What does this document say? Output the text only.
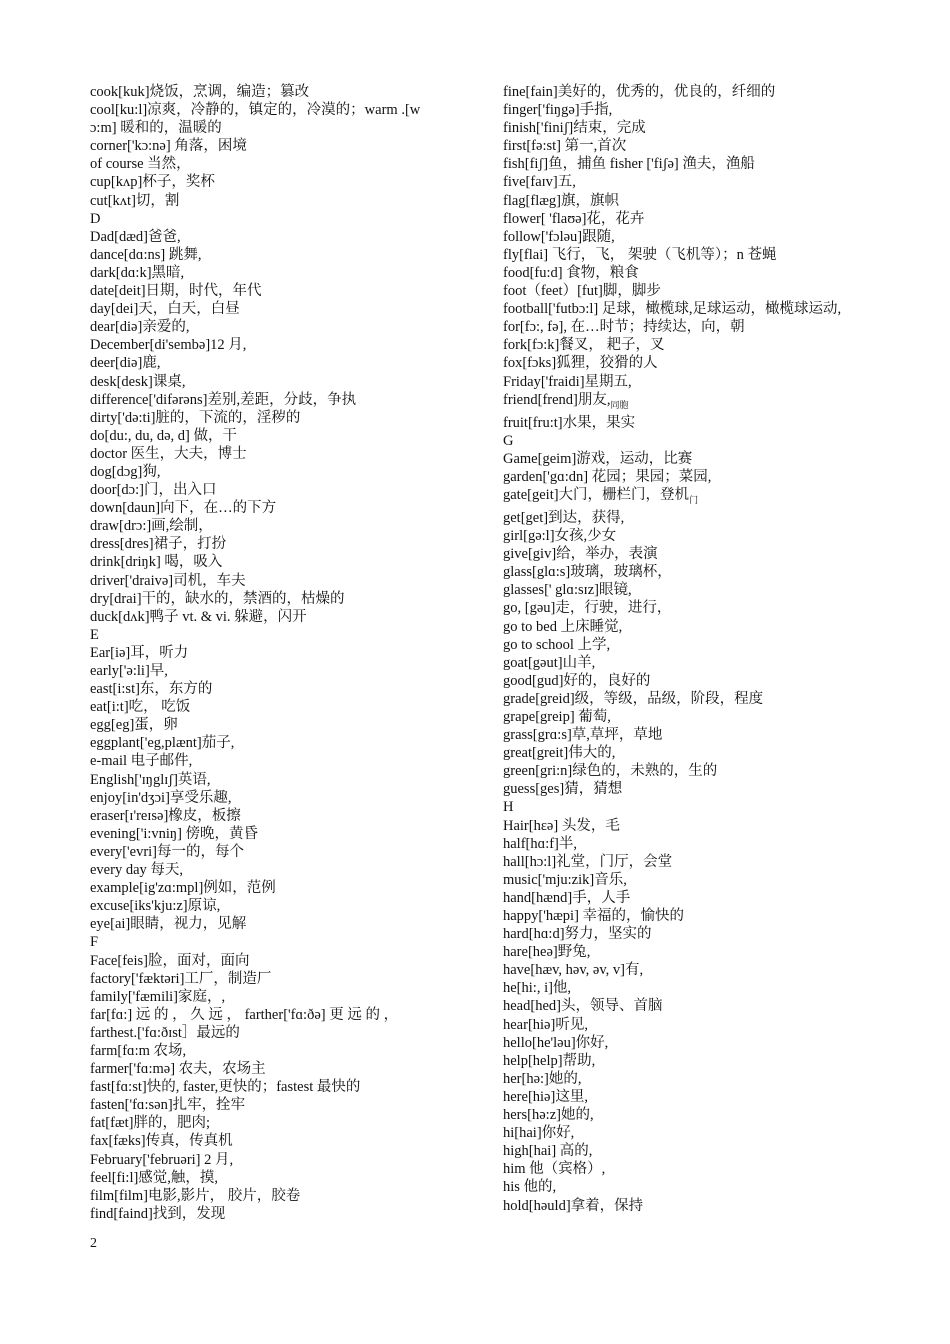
cook[kuk]烧饭，烹调，编造；篡改
cool[ku:l]凉爽，冷静的，镇定的，冷漠的；warm .[w
ɔ:m] 暖和的，温暖的
corner['kɔ:nə] 角落，困境
of course 当然，
cup[kʌp]杯子，奖杯
cut[kʌt]切，割
D
Dad[dæd]爸爸,
dance[dɑ:ns] 跳舞,
dark[dɑ:k]黑暗,
date[deit]日期，时代，年代
day[dei]天，白天，白昼
dear[diə]亲爱的,
December[di'sembə]12 月,
deer[diə]鹿,
desk[desk]课桌,
difference['difərəns]差别,差距，分歧，争执
dirty['də:ti]脏的，下流的，淫秽的
do[du:, du, də, d] 做，干
doctor 医生，大夫，博士
dog[dɔg]狗,
door[dɔ:]门，出入口
down[daun]向下，在…的下方
draw[drɔ:]画,绘制，
dress[dres]裙子，打扮
drink[driŋk] 喝，吸入
driver['draivə]司机，车夫
dry[drai]干的，缺水的，禁酒的，枯燥的
duck[dʌk]鸭子 vt. & vi. 躲避，闪开
E
Ear[iə]耳，听力
early['ə:li]早,
east[i:st]东，东方的
eat[i:t]吃， 吃饭
egg[eg]蛋，卵
eggplant['eg,plænt]茄子,
e-mail 电子邮件,
English['ɪŋglɪʃ]英语,
enjoy[in'dʒɔi]享受乐趣,
eraser[ɪ'reɪsə]橡皮，板擦
evening['i:vniŋ] 傍晚，黄昏
every['evri]每一的，每个
every day 每天,
example[ig'zɑ:mpl]例如，范例
excuse[iks'kju:z]原谅,
eye[ai]眼睛，视力，见解
F
Face[feis]脸，面对，面向
factory['fæktəri]工厂，制造厂
family['fæmili]家庭，,
far[fɑ:] 远 的 ， 久 远 ， farther['fɑ:ðə] 更 远 的 ，
farthest.['fɑ:ðɪst］最远的
farm[fɑ:m 农场,
farmer['fɑ:mə] 农夫，农场主
fast[fɑ:st]快的, faster,更快的；fastest 最快的
fasten['fɑ:sən]扎牢，拴牢
fat[fæt]胖的，肥肉;
fax[fæks]传真，传真机
February['februəri] 2 月,
feel[fi:l]感觉,触，摸,
film[film]电影,影片， 胶片，胶卷
find[faind]找到，发现
fine[fain]美好的，优秀的，优良的，纤细的
finger['fiŋgə]手指,
finish['finiʃ]结束，完成
first[fə:st] 第一,首次
fish[fiʃ]鱼，捕鱼 fisher ['fiʃə] 渔夫，渔船
five[faɪv]五,
flag[flæg]旗，旗帜
flower[ 'flaʊə]花，花卉
follow['fɔləu]跟随,
fly[flai] 飞行，飞， 架驶（飞机等）；n 苍蝇
food[fu:d] 食物，粮食
foot（feet）[fut]脚，脚步
football['futbɔ:l] 足球，橄榄球,足球运动，橄榄球运动,
for[fɔ:, fə], 在…时节；持续达，向，朝
fork[fɔ:k]餐叉， 耙子，叉
fox[fɔks]狐狸，狡猾的人
Friday['fraidi]星期五,
friend[frend]朋友$,_{同胞}$
fruit[fru:t]水果，果实
G
Game[geim]游戏，运动，比赛
garden['gɑ:dn] 花园；果园；菜园,
gate[geit]大门，栅栏门，登机$_门$
get[get]到达，获得,
girl[gə:l]女孩,少女
give[giv]给，举办，表演
glass[glɑ:s]玻璃，玻璃杯，
glasses[' glɑ:sɪz]眼镜,
go, [gəu]走，行驶，进行，
go to bed 上床睡觉,
go to school 上学,
goat[gəut]山羊,
good[gud]好的，良好的
grade[greid]级，等级，品级，阶段，程度
grape[greip] 葡萄,
grass[grɑ:s]草,草坪，草地
great[greit]伟大的,
green[gri:n]绿色的，未熟的，生的
guess[ges]猜，猜想
H
Hair[hɛə] 头发，毛
half[hɑ:f]半,
hall[hɔ:l]礼堂，门厅，会堂
music['mju:zik]音乐,
hand[hænd]手，人手
happy['hæpi] 幸福的，愉快的
hard[hɑ:d]努力，坚实的
hare[heə]野兔,
have[hæv, həv, əv, v]有,
he[hi:, i]他,
head[hed]头，领导、首脑
hear[hiə]听见,
hello[he'ləu]你好,
help[help]帮助,
her[hə:]她的,
here[hiə]这里,
hers[hə:z]她的,
hi[hai]你好,
high[hai] 高的,
him 他（宾格）,
his 他的,
hold[həuld]拿着，保持
2
